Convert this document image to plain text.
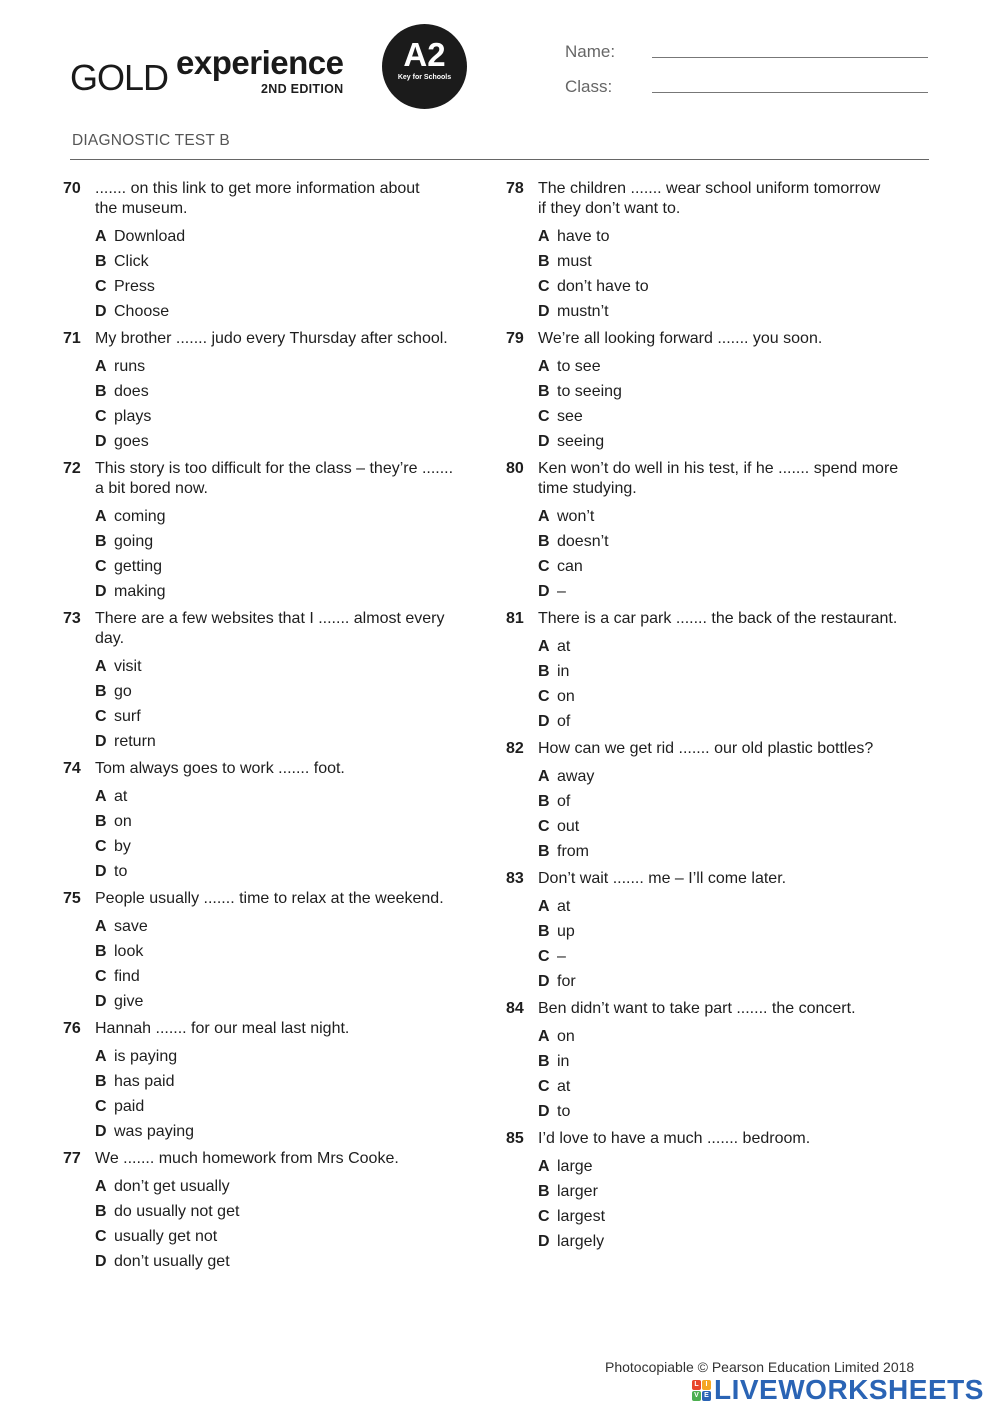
GOLD experience
2ND EDITION
A2
Key for Schools
Name:
Class:
DIAGNOSTIC TEST B
70 ....... on this link to get more information about
the museum.
A Download
B Click
C Press
D Choose
71 My brother ....... judo every Thursday after school.
A runs
B does
C plays
D goes
72 This story is too difficult for the class – they’re .......
a bit bored now.
A coming
B going
C getting
D making
73 There are a few websites that I ....... almost every day.
A visit
B go
C surf
D return
74 Tom always goes to work ....... foot.
A at
B on
C by
D to
75 People usually ....... time to relax at the weekend.
A save
B look
C find
D give
76 Hannah ....... for our meal last night.
A is paying
B has paid
C paid
D was paying
77 We ....... much homework from Mrs Cooke.
A don’t get usually
B do usually not get
C usually get not
D don’t usually get
78 The children ....... wear school uniform tomorrow
if they don’t want to.
A have to
B must
C don’t have to
D mustn’t
79 We’re all looking forward ....... you soon.
A to see
B to seeing
C see
D seeing
80 Ken won’t do well in his test, if he ....... spend more
time studying.
A won’t
B doesn’t
C can
D –
81 There is a car park ....... the back of the restaurant.
A at
B in
C on
D of
82 How can we get rid ....... our old plastic bottles?
A away
B of
C out
B from
83 Don’t wait ....... me – I’ll come later.
A at
B up
C –
D for
84 Ben didn’t want to take part ....... the concert.
A on
B in
C at
D to
85 I’d love to have a much ....... bedroom.
A large
B larger
C largest
D largely
Photocopiable © Pearson Education Limited 2018
L I
V E LIVEWORKSHEETS
